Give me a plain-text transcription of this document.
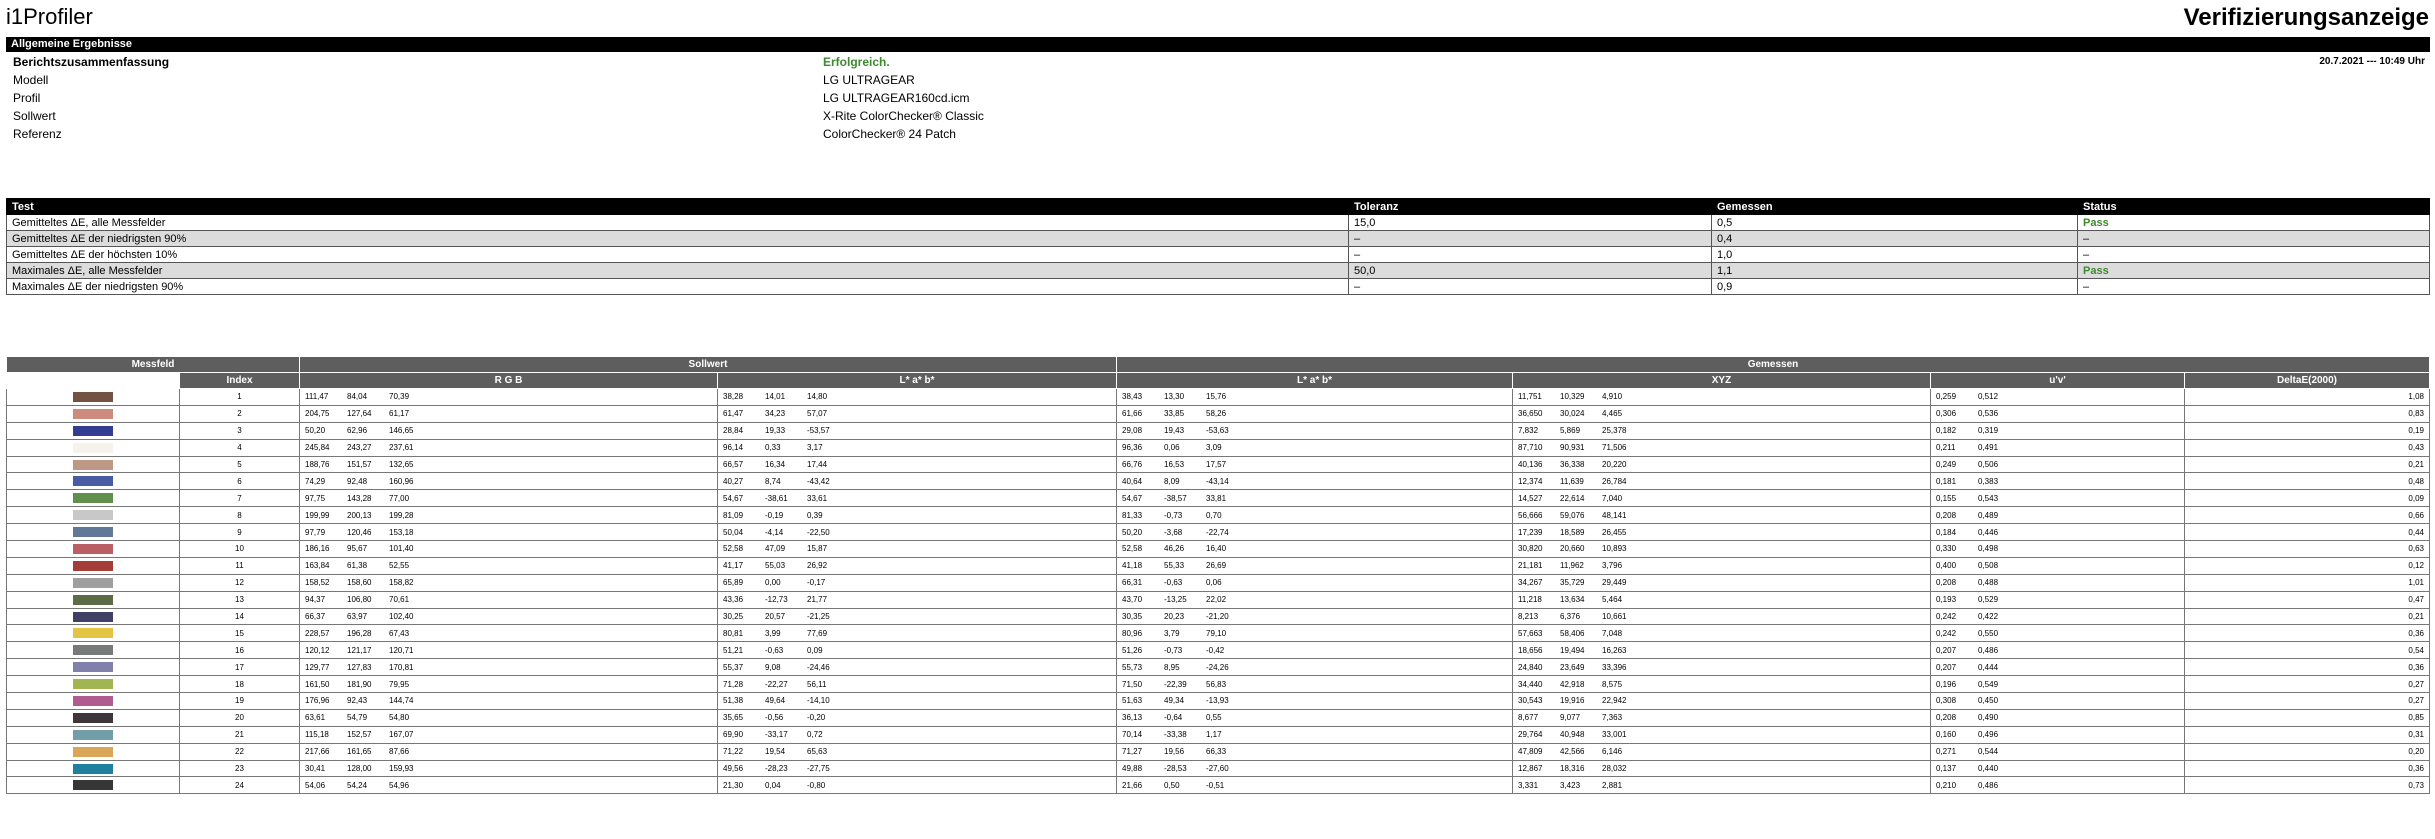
i1Profiler	Verifizierungsanzeige
Allgemeine Ergebnisse
Berichtszusammenfassung	Erfolgreich.	20.7.2021 --- 10:49 Uhr
Modell	LG ULTRAGEAR
Profil	LG ULTRAGEAR160cd.icm
Sollwert	X-Rite ColorChecker® Classic
Referenz	ColorChecker® 24 Patch
Test	Toleranz	Gemessen	Status
Gemitteltes ΔE, alle Messfelder	15,0	0,5	Pass
Gemitteltes ΔE der niedrigsten 90%	–	0,4	–
Gemitteltes ΔE der höchsten 10%	–	1,0	–
Maximales ΔE, alle Messfelder	50,0	1,1	Pass
Maximales ΔE der niedrigsten 90%	–	0,9	–
Messfeld		Sollwert		Gemessen			
	Index	R G B	L* a* b*	L* a* b*	XYZ	u'v'	DeltaE(2000)
	1	111,47 84,04 70,39	38,28 14,01 14,80	38,43 13,30 15,76	11,751 10,329 4,910	0,259 0,512	1,08
	2	204,75 127,64 61,17	61,47 34,23 57,07	61,66 33,85 58,26	36,650 30,024 4,465	0,306 0,536	0,83
	3	50,20 62,96 146,65	28,84 19,33 -53,57	29,08 19,43 -53,63	7,832 5,869 25,378	0,182 0,319	0,19
	4	245,84 243,27 237,61	96,14 0,33 3,17	96,36 0,06 3,09	87,710 90,931 71,506	0,211 0,491	0,43
	5	188,76 151,57 132,65	66,57 16,34 17,44	66,76 16,53 17,57	40,136 36,338 20,220	0,249 0,506	0,21
	6	74,29 92,48 160,96	40,27 8,74 -43,42	40,64 8,09 -43,14	12,374 11,639 26,784	0,181 0,383	0,48
	7	97,75 143,28 77,00	54,67 -38,61 33,61	54,67 -38,57 33,81	14,527 22,614 7,040	0,155 0,543	0,09
	8	199,99 200,13 199,28	81,09 -0,19 0,39	81,33 -0,73 0,70	56,666 59,076 48,141	0,208 0,489	0,66
	9	97,79 120,46 153,18	50,04 -4,14 -22,50	50,20 -3,68 -22,74	17,239 18,589 26,455	0,184 0,446	0,44
	10	186,16 95,67 101,40	52,58 47,09 15,87	52,58 46,26 16,40	30,820 20,660 10,893	0,330 0,498	0,63
	11	163,84 61,38 52,55	41,17 55,03 26,92	41,18 55,33 26,69	21,181 11,962 3,796	0,400 0,508	0,12
	12	158,52 158,60 158,82	65,89 0,00 -0,17	66,31 -0,63 0,06	34,267 35,729 29,449	0,208 0,488	1,01
	13	94,37 106,80 70,61	43,36 -12,73 21,77	43,70 -13,25 22,02	11,218 13,634 5,464	0,193 0,529	0,47
	14	66,37 63,97 102,40	30,25 20,57 -21,25	30,35 20,23 -21,20	8,213 6,376 10,661	0,242 0,422	0,21
	15	228,57 196,28 67,43	80,81 3,99 77,69	80,96 3,79 79,10	57,663 58,406 7,048	0,242 0,550	0,36
	16	120,12 121,17 120,71	51,21 -0,63 0,09	51,26 -0,73 -0,42	18,656 19,494 16,263	0,207 0,486	0,54
	17	129,77 127,83 170,81	55,37 9,08 -24,46	55,73 8,95 -24,26	24,840 23,649 33,396	0,207 0,444	0,36
	18	161,50 181,90 79,95	71,28 -22,27 56,11	71,50 -22,39 56,83	34,440 42,918 8,575	0,196 0,549	0,27
	19	176,96 92,43 144,74	51,38 49,64 -14,10	51,63 49,34 -13,93	30,543 19,916 22,942	0,308 0,450	0,27
	20	63,61 54,79 54,80	35,65 -0,56 -0,20	36,13 -0,64 0,55	8,677 9,077 7,363	0,208 0,490	0,85
	21	115,18 152,57 167,07	69,90 -33,17 0,72	70,14 -33,38 1,17	29,764 40,948 33,001	0,160 0,496	0,31
	22	217,66 161,65 87,66	71,22 19,54 65,63	71,27 19,56 66,33	47,809 42,566 6,146	0,271 0,544	0,20
	23	30,41 128,00 159,93	49,56 -28,23 -27,75	49,88 -28,53 -27,60	12,867 18,316 28,032	0,137 0,440	0,36
	24	54,06 54,24 54,96	21,30 0,04 -0,80	21,66 0,50 -0,51	3,331 3,423 2,881	0,210 0,486	0,73
